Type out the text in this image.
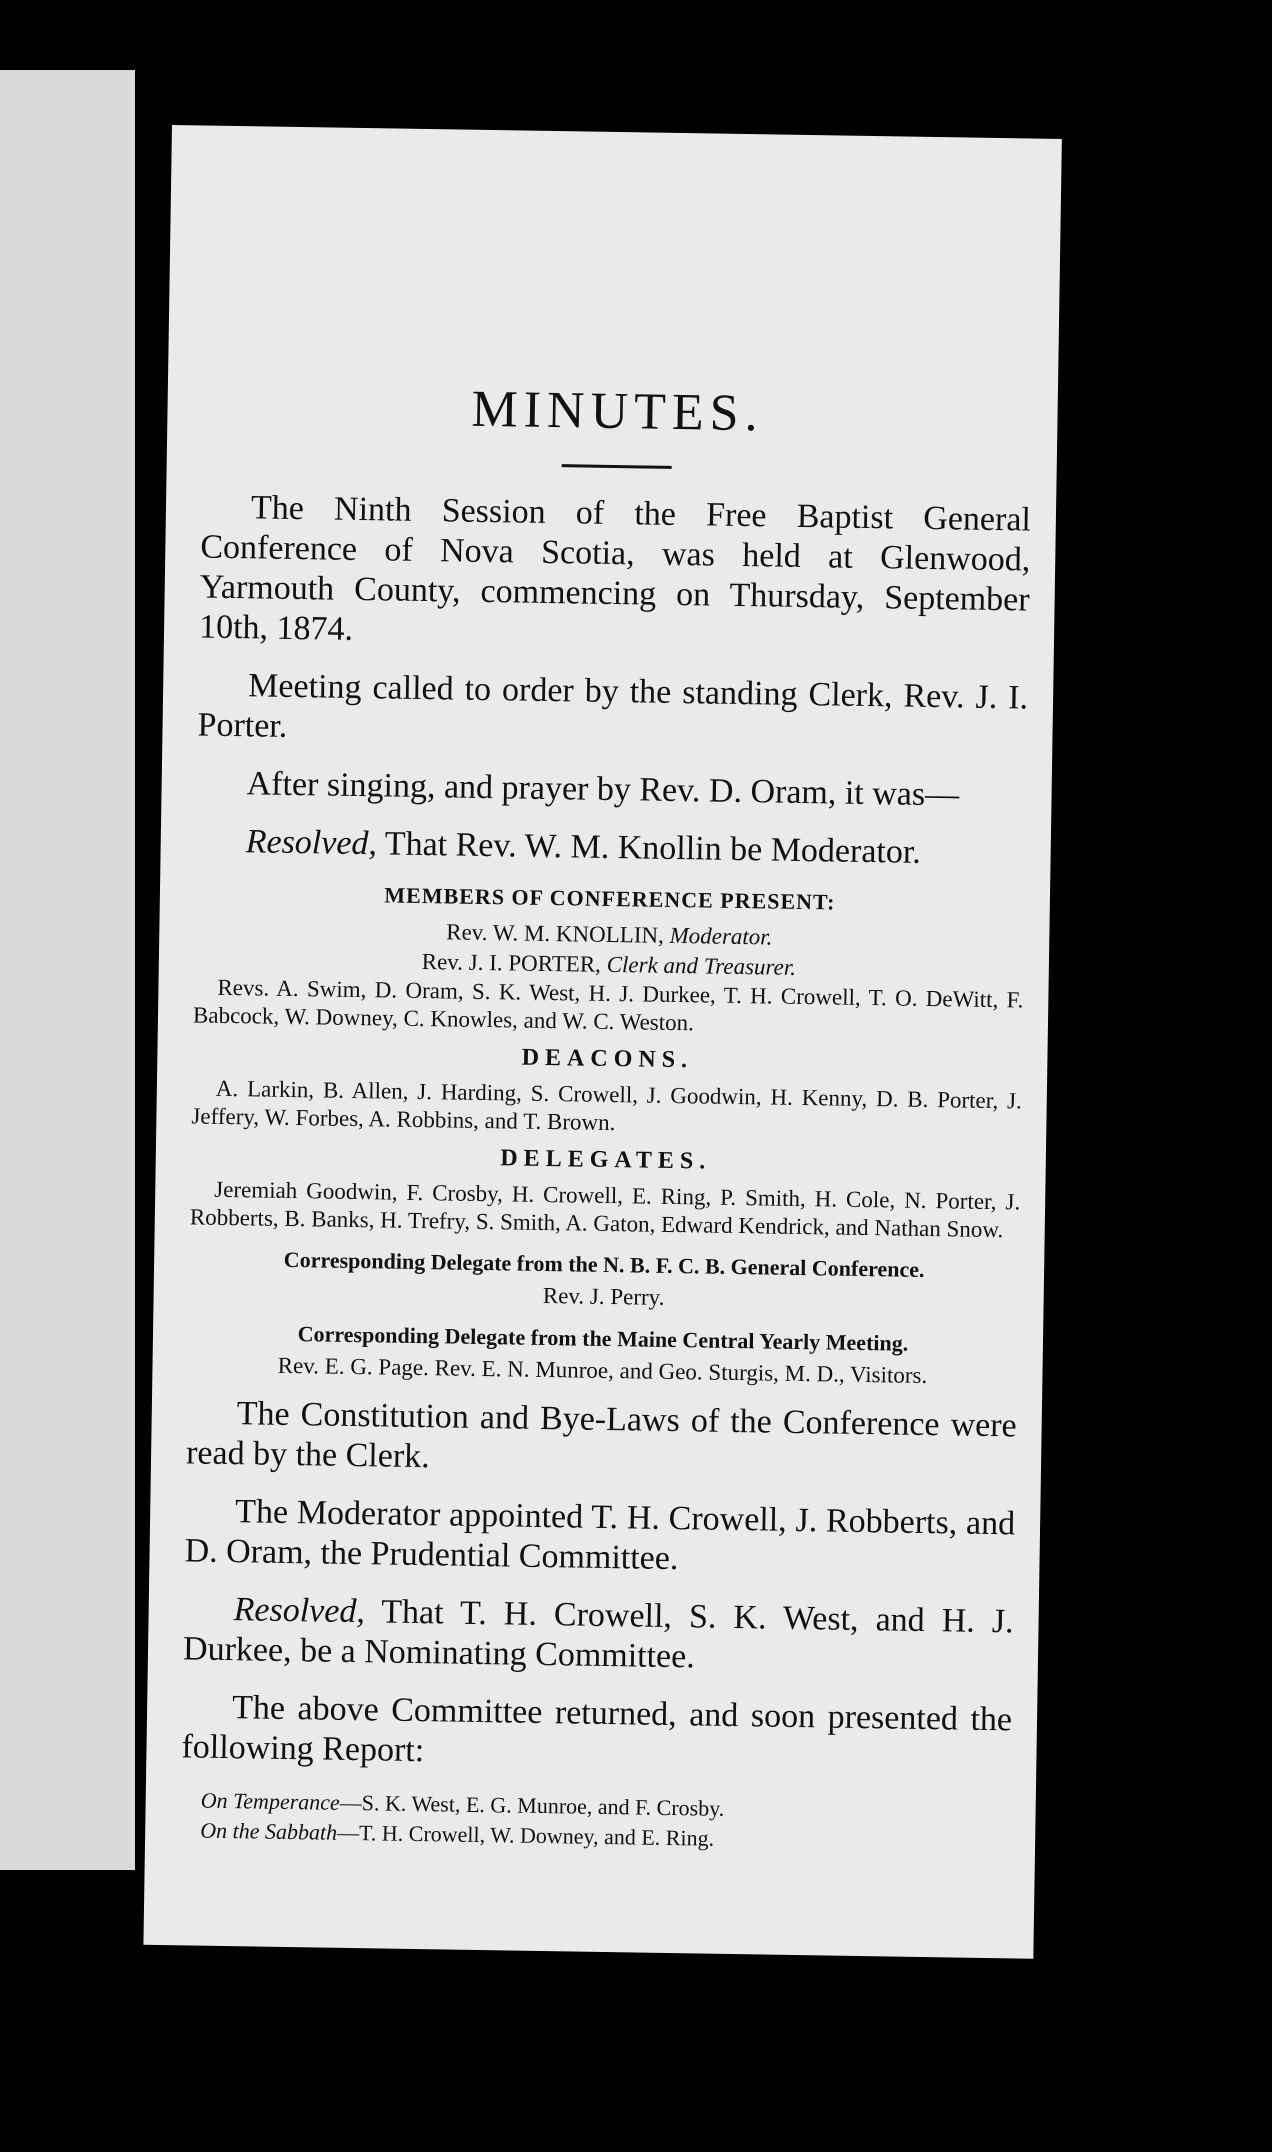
MINUTES.

The Ninth Session of the Free Baptist General Conference of Nova Scotia, was held at Glenwood, Yarmouth County, commencing on Thursday, September 10th, 1874.

Meeting called to order by the standing Clerk, Rev. J. I. Porter.

After singing, and prayer by Rev. D. Oram, it was—

Resolved, That Rev. W. M. Knollin be Moderator.

MEMBERS OF CONFERENCE PRESENT:

Rev. W. M. KNOLLIN, Moderator.

Rev. J. I. PORTER, Clerk and Treasurer.

Revs. A. Swim, D. Oram, S. K. West, H. J. Durkee, T. H. Crowell, T. O. DeWitt, F. Babcock, W. Downey, C. Knowles, and W. C. Weston.

DEACONS.

A. Larkin, B. Allen, J. Harding, S. Crowell, J. Goodwin, H. Kenny, D. B. Porter, J. Jeffery, W. Forbes, A. Robbins, and T. Brown.

DELEGATES.

Jeremiah Goodwin, F. Crosby, H. Crowell, E. Ring, P. Smith, H. Cole, N. Porter, J. Robberts, B. Banks, H. Trefry, S. Smith, A. Gaton, Edward Kendrick, and Nathan Snow.

Corresponding Delegate from the N. B. F. C. B. General Conference.

Rev. J. Perry.

Corresponding Delegate from the Maine Central Yearly Meeting.

Rev. E. G. Page. Rev. E. N. Munroe, and Geo. Sturgis, M. D., Visitors.

The Constitution and Bye-Laws of the Conference were read by the Clerk.

The Moderator appointed T. H. Crowell, J. Robberts, and D. Oram, the Prudential Committee.

Resolved, That T. H. Crowell, S. K. West, and H. J. Durkee, be a Nominating Committee.

The above Committee returned, and soon presented the following Report:

On Temperance—S. K. West, E. G. Munroe, and F. Crosby.

On the Sabbath—T. H. Crowell, W. Downey, and E. Ring.
